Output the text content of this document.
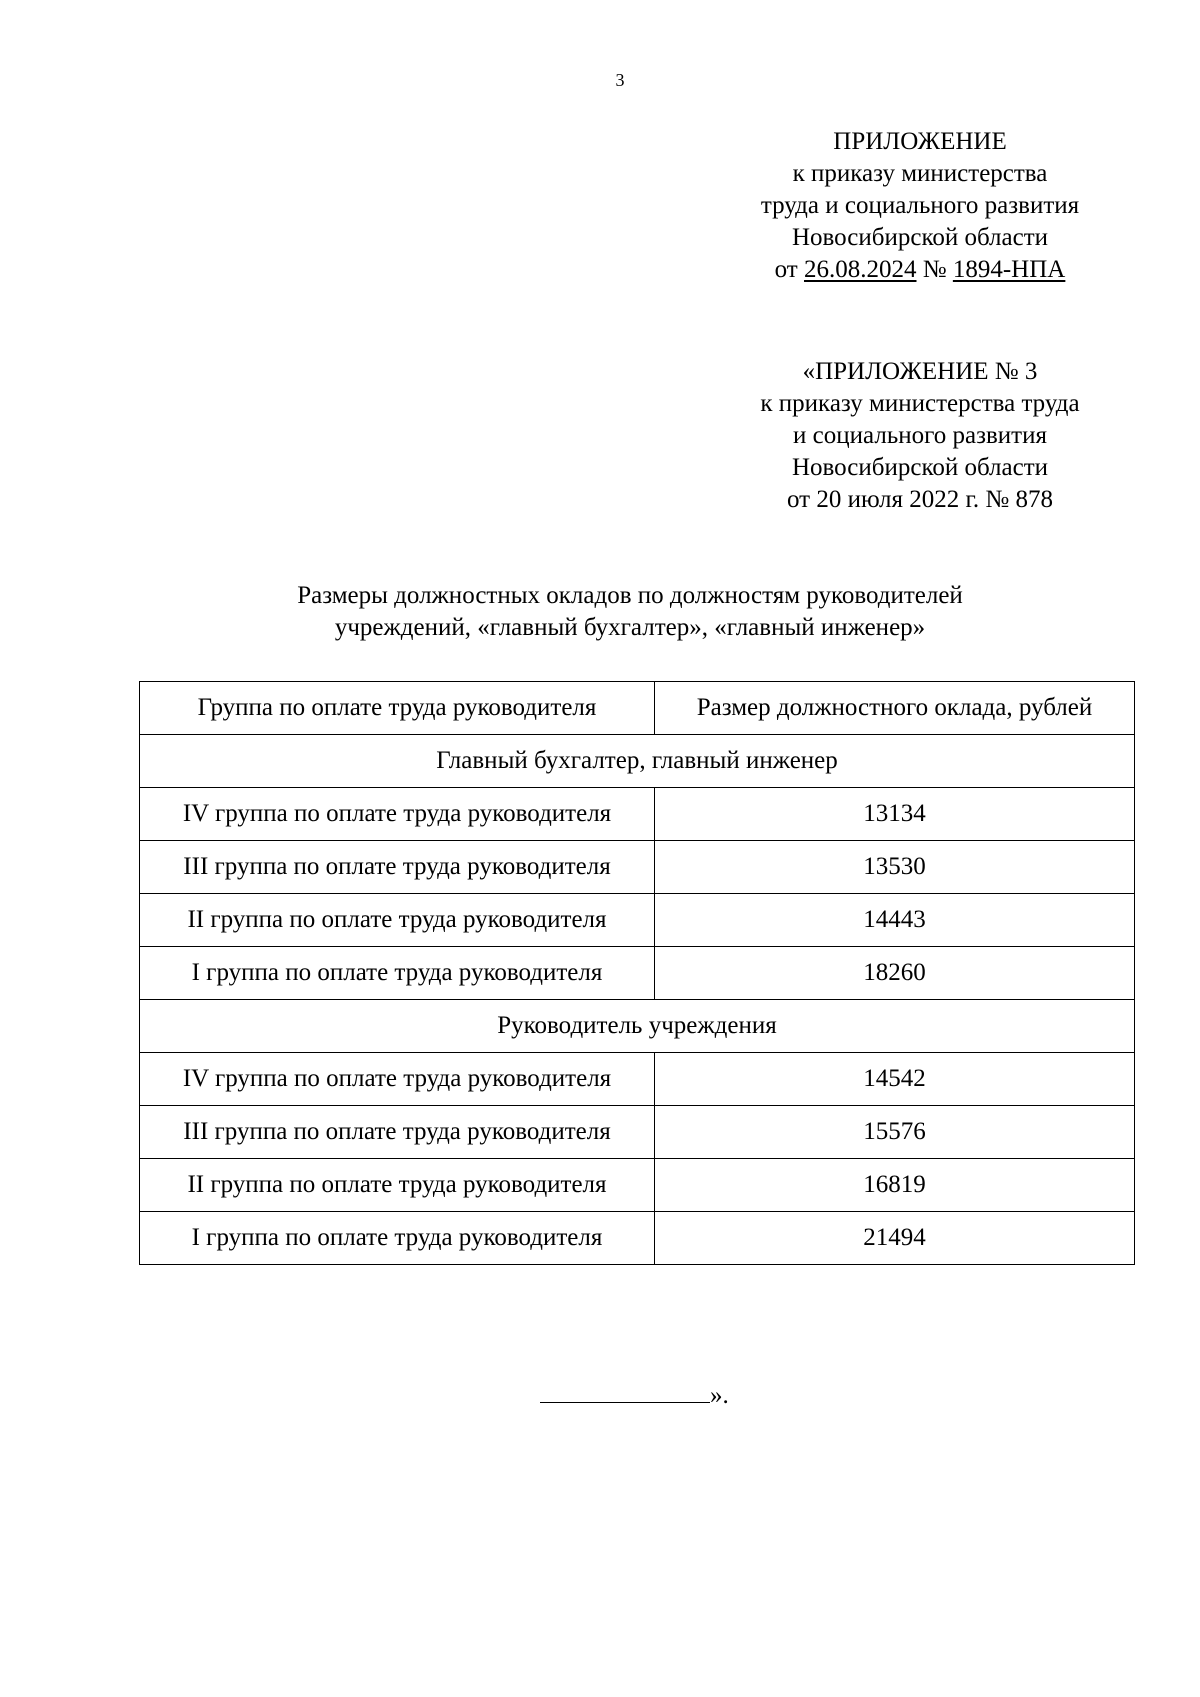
3
ПРИЛОЖЕНИЕ
к приказу министерства
труда и социального развития
Новосибирской области
от 26.08.2024 № 1894-НПА
«ПРИЛОЖЕНИЕ № 3
к приказу министерства труда
и социального развития
Новосибирской области
от 20 июля 2022 г. № 878
Размеры должностных окладов по должностям руководителей
учреждений, «главный бухгалтер», «главный инженер»
Группа по оплате труда руководителя	Размер должностного оклада, рублей
Главный бухгалтер, главный инженер	
IV группа по оплате труда руководителя	13134
III группа по оплате труда руководителя	13530
II группа по оплате труда руководителя	14443
I группа по оплате труда руководителя	18260
Руководитель учреждения	
IV группа по оплате труда руководителя	14542
III группа по оплате труда руководителя	15576
II группа по оплате труда руководителя	16819
I группа по оплате труда руководителя	21494
».
